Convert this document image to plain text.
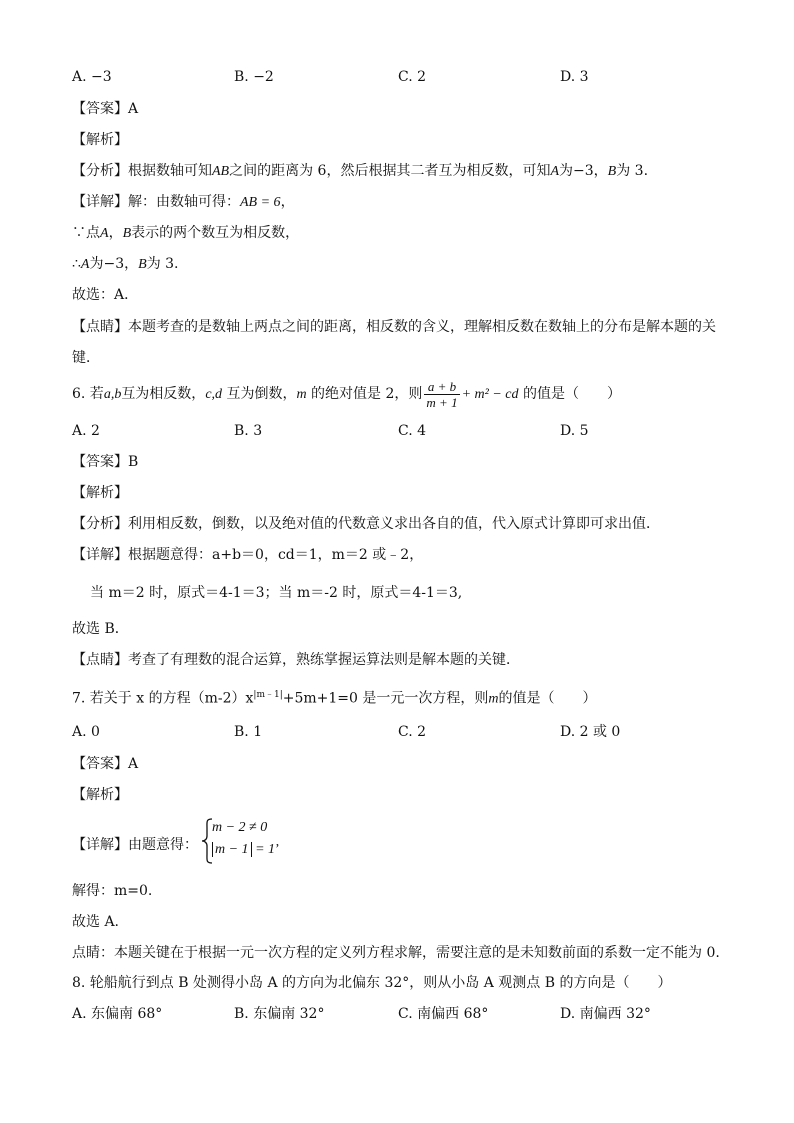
A. −3	B. −2	C. 2	D. 3
【答案】A
【解析】
【分析】根据数轴可知AB之间的距离为 6，然后根据其二者互为相反数，可知A为−3，B为 3.
【详解】解：由数轴可得：AB = 6，
∵点A，B表示的两个数互为相反数，
∴A为−3，B为 3.
故选：A．
【点睛】本题考查的是数轴上两点之间的距离，相反数的含义，理解相反数在数轴上的分布是解本题的关
键．
6. 若a,b互为相反数，c,d 互为倒数，m 的绝对值是 2，则 $\frac{a + b}{m + 1} + m^2$ − cd 的值是（　　）
A. 2	B. 3	C. 4	D. 5
【答案】B
【解析】
【分析】利用相反数，倒数，以及绝对值的代数意义求出各自的值，代入原式计算即可求出值．
【详解】根据题意得：a+b＝0，cd＝1，m＝2 或﹣2，
当 m＝2 时，原式＝4-1＝3；当 m＝-2 时，原式＝4-1＝3,
故选 B．
【点睛】考查了有理数的混合运算，熟练掌握运算法则是解本题的关键．
7. 若关于 x 的方程$(m-2)x^{|m﹣1|}+5m+1=0$ 是一元一次方程，则m的值是（　　）
A. 0	B. 1	C. 2	D. 2 或 0
【答案】A
【解析】
【详解】由题意得：
m − 2 ≠ 0
m − 1 = 1’
解得：m=0.
故选 A.
点睛：本题关键在于根据一元一次方程的定义列方程求解，需要注意的是未知数前面的系数一定不能为 0.
8. 轮船航行到点 B 处测得小岛 A 的方向为北偏东 32°，则从小岛 A 观测点 B 的方向是（　　）
A. 东偏南 68°	B. 东偏南 32°	C. 南偏西 68°	D. 南偏西 32°
